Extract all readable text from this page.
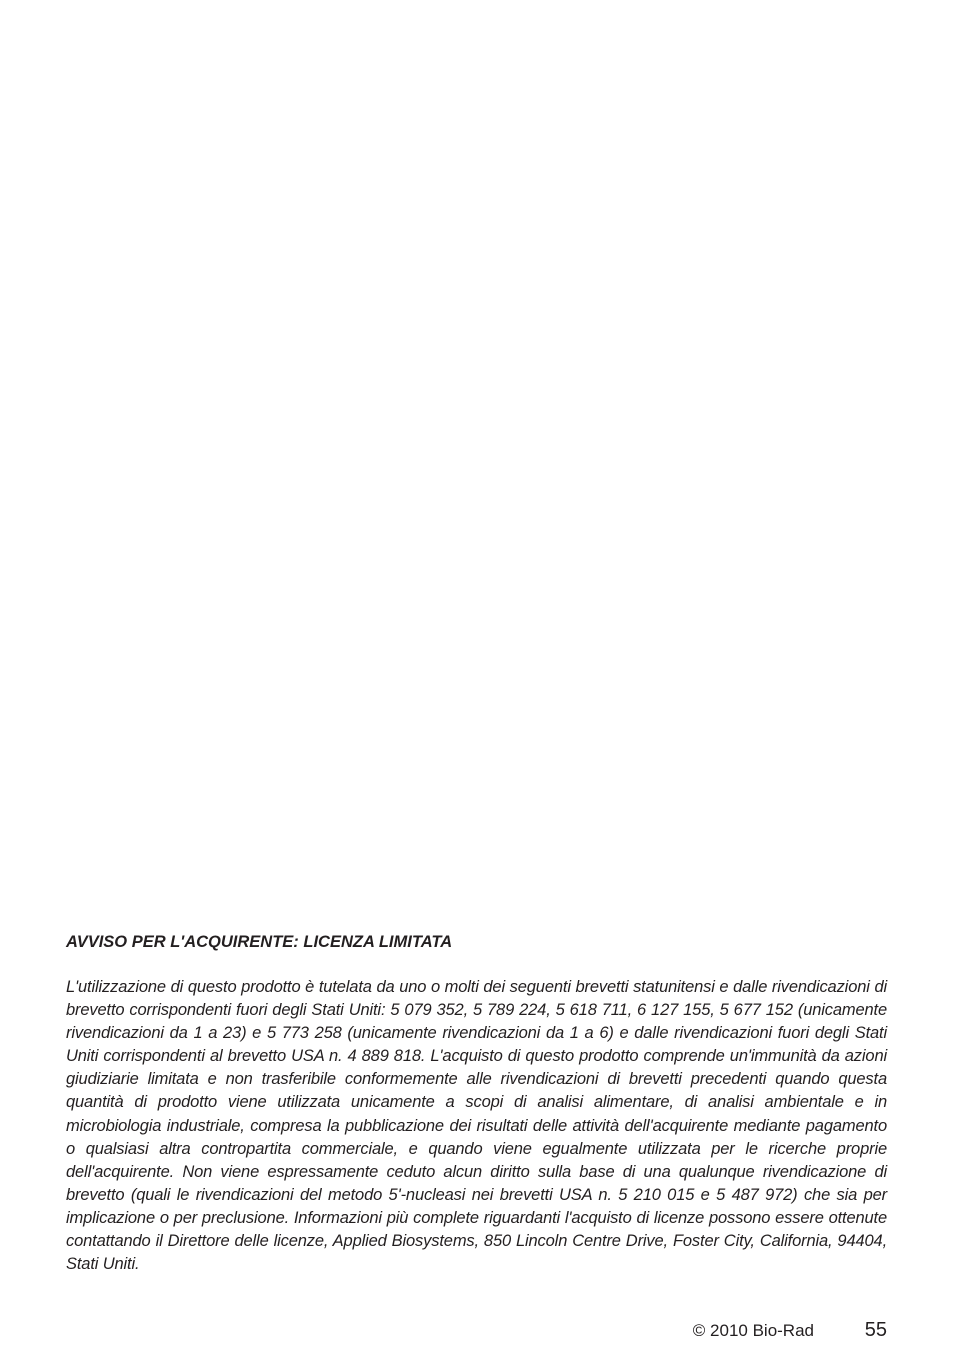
AVVISO PER L'ACQUIRENTE: LICENZA LIMITATA

L'utilizzazione di questo prodotto è tutelata da uno o molti dei seguenti brevetti statunitensi e dalle rivendicazioni di brevetto corrispondenti fuori degli Stati Uniti: 5 079 352, 5 789 224, 5 618 711, 6 127 155, 5 677 152 (unicamente rivendicazioni da 1 a 23) e 5 773 258 (unicamente rivendicazioni da 1 a 6) e dalle rivendicazioni fuori degli Stati Uniti corrispondenti al brevetto USA n. 4 889 818. L'acquisto di questo prodotto comprende un'immunità da azioni giudiziarie limitata e non trasferibile conformemente alle rivendicazioni di brevetti precedenti quando questa quantità di prodotto viene utilizzata unicamente a scopi di analisi alimentare, di analisi ambientale e in microbiologia industriale, compresa la pubblicazione dei risultati delle attività dell'acquirente mediante pagamento o qualsiasi altra contropartita commerciale, e quando viene egualmente utilizzata per le ricerche proprie dell'acquirente. Non viene espressamente ceduto alcun diritto sulla base di una qualunque rivendicazione di brevetto (quali le rivendicazioni del metodo 5'-nucleasi nei brevetti USA n. 5 210 015 e 5 487 972) che sia per implicazione o per preclusione. Informazioni più complete riguardanti l'acquisto di licenze possono essere ottenute contattando il Direttore delle licenze, Applied Biosystems, 850 Lincoln Centre Drive, Foster City, California, 94404, Stati Uniti.

© 2010 Bio-Rad	55
